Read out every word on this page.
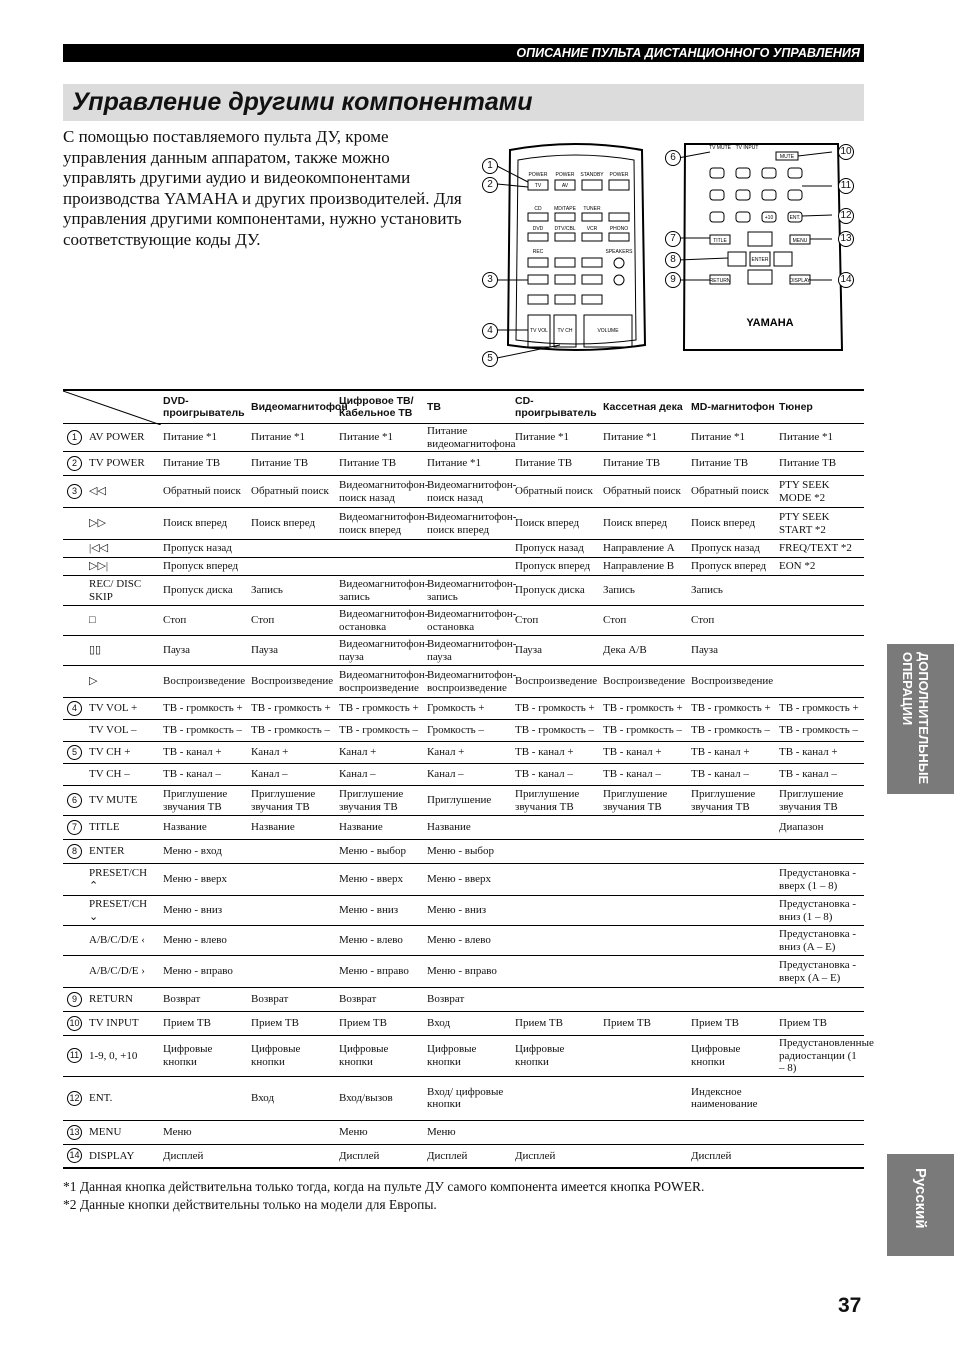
ОПИСАНИЕ ПУЛЬТА ДИСТАНЦИОННОГО УПРАВЛЕНИЯ
Управление другими компонентами
С помощью поставляемого пульта ДУ, кроме управления данным аппаратом, также можно управлять другими аудио и видеокомпонентами производства YAMAHA и других производителей. Для управления другими компонентами, нужно установить соответствующие коды ДУ.
POWER POWER STANDBY POWER
TV	AV
CD MD/TAPE TUNER
DVD DTV/CBL VCR	PHONO
REC	SPEAKERS
VOLUME
TV VOL TV CH
TV MUTE TV INPUT
MUTE
TITLE	MENU
ENTER
RETURN	DISPLAY
+10	ENT.
YAMAHA
1
2
3
4
5
6
7
8
9
10
11
12
13
14
	DVD-проигрыватель	Видеомагнитофон	Цифровое ТВ/ Кабельное ТВ	ТВ	CD-проигрыватель	Кассетная дека	MD-магнитофон	Тюнер
1	AV POWER	Питание *1	Питание *1	Питание *1	Питание видеомагнитофона	Питание *1	Питание *1	Питание *1	Питание *1
2	TV POWER	Питание ТВ	Питание ТВ	Питание ТВ	Питание *1	Питание ТВ	Питание ТВ	Питание ТВ	Питание ТВ
3	◁◁	Обратный поиск	Обратный поиск	Видеомагнитофон-поиск назад	Видеомагнитофон-поиск назад	Обратный поиск	Обратный поиск	Обратный поиск	PTY SEEK MODE *2
	▷▷	Поиск вперед	Поиск вперед	Видеомагнитофон-поиск вперед	Видеомагнитофон-поиск вперед	Поиск вперед	Поиск вперед	Поиск вперед	PTY SEEK START *2
	|◁◁	Пропуск назад				Пропуск назад	Направление A	Пропуск назад	FREQ/TEXT *2
	▷▷|	Пропуск вперед				Пропуск вперед	Направление B	Пропуск вперед	EON *2
	REC/ DISC SKIP	Пропуск диска	Запись	Видеомагнитофон-запись	Видеомагнитофон-запись	Пропуск диска	Запись	Запись	
	□	Стоп	Стоп	Видеомагнитофон-остановка	Видеомагнитофон-остановка	Стоп	Стоп	Стоп	
	▯▯	Пауза	Пауза	Видеомагнитофон-пауза	Видеомагнитофон-пауза	Пауза	Дека A/B	Пауза	
	▷	Воспроизведение	Воспроизведение	Видеомагнитофон-воспроизведение	Видеомагнитофон-воспроизведение	Воспроизведение	Воспроизведение	Воспроизведение	
4	TV VOL +	ТВ - громкость +	ТВ - громкость +	ТВ - громкость +	Громкость +	ТВ - громкость +	ТВ - громкость +	ТВ - громкость +	ТВ - громкость +
	TV VOL –	ТВ - громкость –	ТВ - громкость –	ТВ - громкость –	Громкость –	ТВ - громкость –	ТВ - громкость –	ТВ - громкость –	ТВ - громкость –
5	TV CH +	ТВ - канал +	Канал +	Канал +	Канал +	ТВ - канал +	ТВ - канал +	ТВ - канал +	ТВ - канал +
	TV CH –	ТВ - канал –	Канал –	Канал –	Канал –	ТВ - канал –	ТВ - канал –	ТВ - канал –	ТВ - канал –
6	TV MUTE	Приглушение звучания ТВ	Приглушение звучания ТВ	Приглушение звучания ТВ	Приглушение	Приглушение звучания ТВ	Приглушение звучания ТВ	Приглушение звучания ТВ	Приглушение звучания ТВ
7	TITLE	Название	Название	Название	Название				Диапазон
8	ENTER	Меню - вход		Меню - выбор	Меню - выбор				
	PRESET/CH ⌃	Меню - вверх		Меню - вверх	Меню - вверх				Предустановка - вверх (1 – 8)
	PRESET/CH ⌄	Меню - вниз		Меню - вниз	Меню - вниз				Предустановка - вниз (1 – 8)
	A/B/C/D/E ‹	Меню - влево		Меню - влево	Меню - влево				Предустановка - вниз (A – E)
	A/B/C/D/E ›	Меню - вправо		Меню - вправо	Меню - вправо				Предустановка - вверх (A – E)
9	RETURN	Возврат	Возврат	Возврат	Возврат				
10	TV INPUT	Прием ТВ	Прием ТВ	Прием ТВ	Вход	Прием ТВ	Прием ТВ	Прием ТВ	Прием ТВ
11	1-9, 0, +10	Цифровые кнопки	Цифровые кнопки	Цифровые кнопки	Цифровые кнопки	Цифровые кнопки		Цифровые кнопки	Предустановленные радиостанции (1 – 8)
12	ENT.		Вход	Вход/вызов	Вход/ цифровые кнопки			Индексное наименование	
13	MENU	Меню		Меню	Меню				
14	DISPLAY	Дисплей		Дисплей	Дисплей	Дисплей		Дисплей	
*1 Данная кнопка действительна только тогда, когда на пульте ДУ самого компонента имеется кнопка POWER.
*2 Данные кнопки действительны только на модели для Европы.
ДОПОЛНИТЕЛЬНЫЕ ОПЕРАЦИИ
Русский
37
